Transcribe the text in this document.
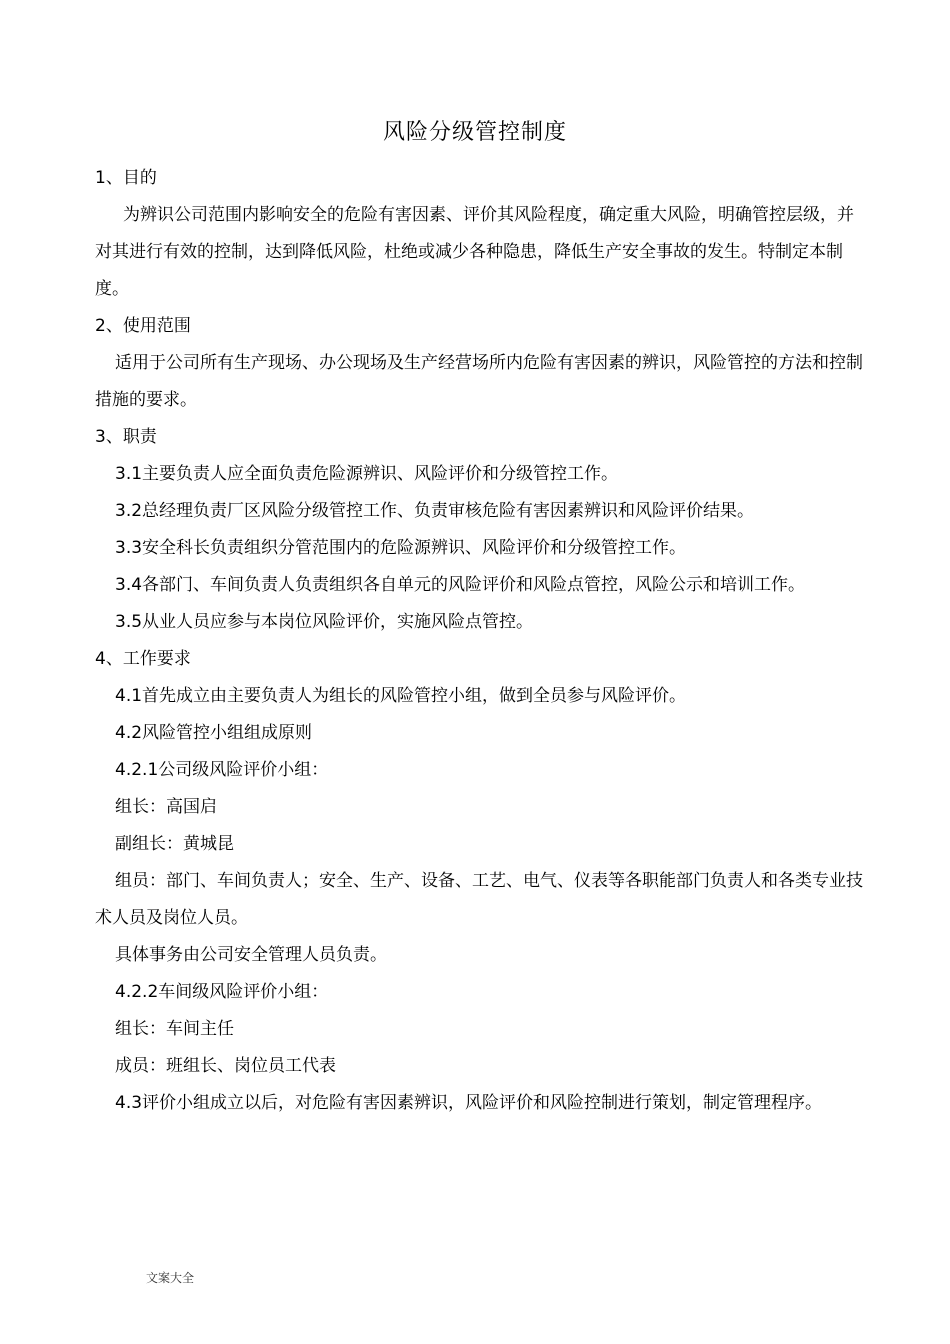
风险分级管控制度

1、目的

为辨识公司范围内影响安全的危险有害因素、评价其风险程度，确定重大风险，明确管控层级，并对其进行有效的控制，达到降低风险，杜绝或减少各种隐患，降低生产安全事故的发生。特制定本制度。

2、使用范围

适用于公司所有生产现场、办公现场及生产经营场所内危险有害因素的辨识，风险管控的方法和控制措施的要求。

3、职责

3.1主要负责人应全面负责危险源辨识、风险评价和分级管控工作。

3.2总经理负责厂区风险分级管控工作、负责审核危险有害因素辨识和风险评价结果。

3.3安全科长负责组织分管范围内的危险源辨识、风险评价和分级管控工作。

3.4各部门、车间负责人负责组织各自单元的风险评价和风险点管控，风险公示和培训工作。

3.5从业人员应参与本岗位风险评价，实施风险点管控。

4、工作要求

4.1首先成立由主要负责人为组长的风险管控小组，做到全员参与风险评价。

4.2风险管控小组组成原则

4.2.1公司级风险评价小组：

组长：高国启

副组长：黄城昆

组员：部门、车间负责人；安全、生产、设备、工艺、电气、仪表等各职能部门负责人和各类专业技术人员及岗位人员。

具体事务由公司安全管理人员负责。

4.2.2车间级风险评价小组：

组长：车间主任

成员：班组长、岗位员工代表

4.3评价小组成立以后，对危险有害因素辨识，风险评价和风险控制进行策划，制定管理程序。

文案大全
